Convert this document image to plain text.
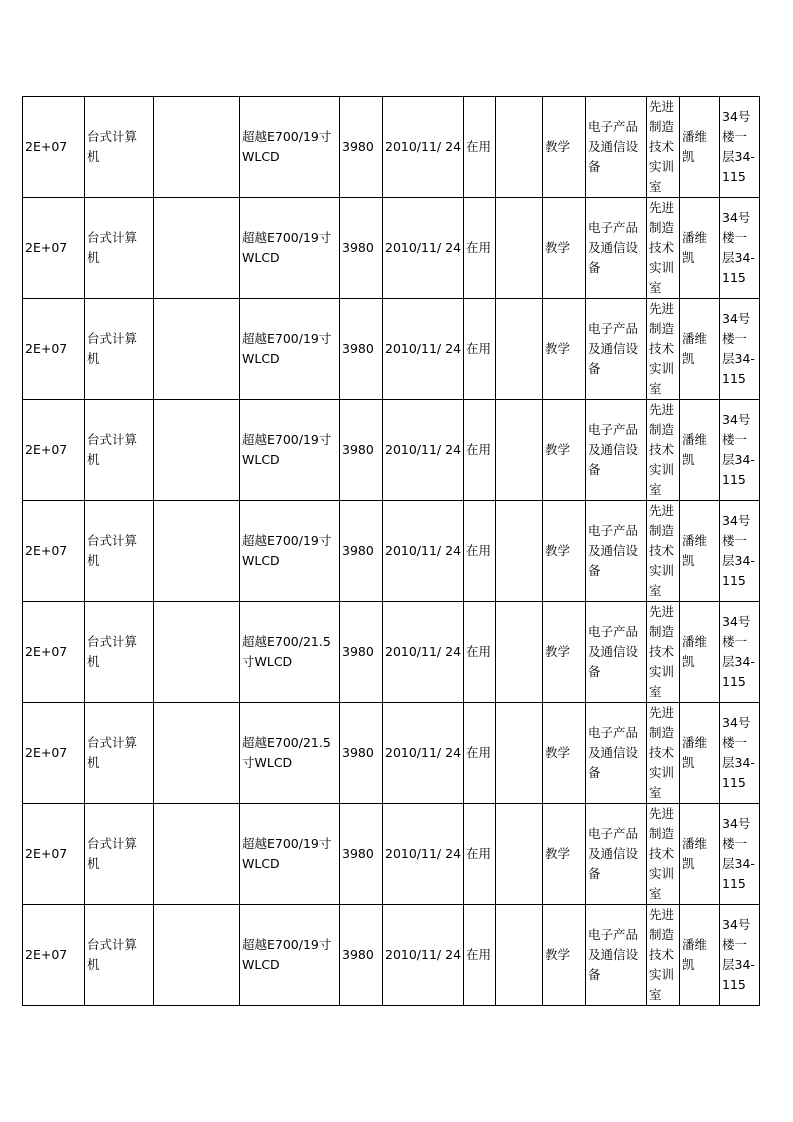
2E+07	台式计算
机		超越E700/19寸
WLCD	3980	2010/11/ 24	在用		教学	电子产品
及通信设
备	先进
制造
技术
实训
室	潘维
凯	34号
楼一
层34-
115
2E+07	台式计算
机		超越E700/19寸
WLCD	3980	2010/11/ 24	在用		教学	电子产品
及通信设
备	先进
制造
技术
实训
室	潘维
凯	34号
楼一
层34-
115
2E+07	台式计算
机		超越E700/19寸
WLCD	3980	2010/11/ 24	在用		教学	电子产品
及通信设
备	先进
制造
技术
实训
室	潘维
凯	34号
楼一
层34-
115
2E+07	台式计算
机		超越E700/19寸
WLCD	3980	2010/11/ 24	在用		教学	电子产品
及通信设
备	先进
制造
技术
实训
室	潘维
凯	34号
楼一
层34-
115
2E+07	台式计算
机		超越E700/19寸
WLCD	3980	2010/11/ 24	在用		教学	电子产品
及通信设
备	先进
制造
技术
实训
室	潘维
凯	34号
楼一
层34-
115
2E+07	台式计算
机		超越E700/21.5
寸WLCD	3980	2010/11/ 24	在用		教学	电子产品
及通信设
备	先进
制造
技术
实训
室	潘维
凯	34号
楼一
层34-
115
2E+07	台式计算
机		超越E700/21.5
寸WLCD	3980	2010/11/ 24	在用		教学	电子产品
及通信设
备	先进
制造
技术
实训
室	潘维
凯	34号
楼一
层34-
115
2E+07	台式计算
机		超越E700/19寸
WLCD	3980	2010/11/ 24	在用		教学	电子产品
及通信设
备	先进
制造
技术
实训
室	潘维
凯	34号
楼一
层34-
115
2E+07	台式计算
机		超越E700/19寸
WLCD	3980	2010/11/ 24	在用		教学	电子产品
及通信设
备	先进
制造
技术
实训
室	潘维
凯	34号
楼一
层34-
115
